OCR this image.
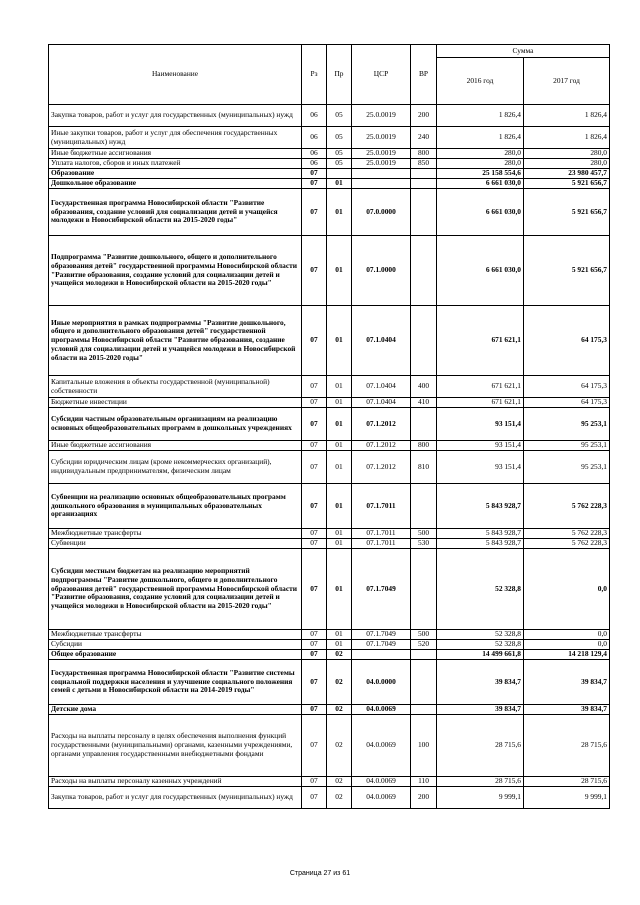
Наименование	Рз	Пр	ЦСР	ВР	Сумма	
					2016 год	2017 год
Закупка товаров, работ и услуг для государственных (муниципальных) нужд	06	05	25.0.0019	200	1 826,4	1 826,4
Иные закупки товаров, работ и услуг для обеспечения государственных (муниципальных) нужд	06	05	25.0.0019	240	1 826,4	1 826,4
Иные бюджетные ассигнования	06	05	25.0.0019	800	280,0	280,0
Уплата налогов, сборов и иных платежей	06	05	25.0.0019	850	280,0	280,0
Образование	07				25 158 554,6	23 980 457,7
Дошкольное образование	07	01			6 661 030,0	5 921 656,7
Государственная программа Новосибирской области "Развитие образования, создание условий для социализации детей и учащейся молодежи в Новосибирской области на 2015-2020 годы"	07	01	07.0.0000		6 661 030,0	5 921 656,7
Подпрограмма "Развитие дошкольного, общего и дополнительного образования детей" государственной программы Новосибирской области "Развитие образования, создание условий для социализации детей и учащейся молодежи в Новосибирской области на 2015-2020 годы"	07	01	07.1.0000		6 661 030,0	5 921 656,7
Иные мероприятия в рамках подпрограммы "Развитие дошкольного, общего и дополнительного образования детей" государственной программы Новосибирской области "Развитие образования, создание условий для социализации детей и учащейся молодежи в Новосибирской области на 2015-2020 годы"	07	01	07.1.0404		671 621,1	64 175,3
Капитальные вложения в объекты государственной (муниципальной) собственности	07	01	07.1.0404	400	671 621,1	64 175,3
Бюджетные инвестиции	07	01	07.1.0404	410	671 621,1	64 175,3
Субсидии частным образовательным организациям на реализацию основных общеобразовательных программ в дошкольных учреждениях	07	01	07.1.2012		93 151,4	95 253,1
Иные бюджетные ассигнования	07	01	07.1.2012	800	93 151,4	95 253,1
Субсидии юридическим лицам (кроме некоммерческих организаций), индивидуальным предпринимателям, физическим лицам	07	01	07.1.2012	810	93 151,4	95 253,1
Субвенции на реализацию основных общеобразовательных программ дошкольного образования в муниципальных образовательных организациях	07	01	07.1.7011		5 843 928,7	5 762 228,3
Межбюджетные трансферты	07	01	07.1.7011	500	5 843 928,7	5 762 228,3
Субвенции	07	01	07.1.7011	530	5 843 928,7	5 762 228,3
Субсидии местным бюджетам на реализацию мероприятий подпрограммы "Развитие дошкольного, общего и дополнительного образования детей" государственной программы Новосибирской области "Развитие образования, создание условий для социализации детей и учащейся молодежи в Новосибирской области на 2015-2020 годы"	07	01	07.1.7049		52 328,8	0,0
Межбюджетные трансферты	07	01	07.1.7049	500	52 328,8	0,0
Субсидии	07	01	07.1.7049	520	52 328,8	0,0
Общее образование	07	02			14 499 661,8	14 218 129,4
Государственная программа Новосибирской области "Развитие системы социальной поддержки населения и улучшение социального положения семей с детьми в Новосибирской области на 2014-2019 годы"	07	02	04.0.0000		39 834,7	39 834,7
Детские дома	07	02	04.0.0069		39 834,7	39 834,7
Расходы на выплаты персоналу в целях обеспечения выполнения функций государственными (муниципальными) органами, казенными учреждениями, органами управления государственными внебюджетными фондами	07	02	04.0.0069	100	28 715,6	28 715,6
Расходы на выплаты персоналу казенных учреждений	07	02	04.0.0069	110	28 715,6	28 715,6
Закупка товаров, работ и услуг для государственных (муниципальных) нужд	07	02	04.0.0069	200	9 999,1	9 999,1
Страница 27 из 61
